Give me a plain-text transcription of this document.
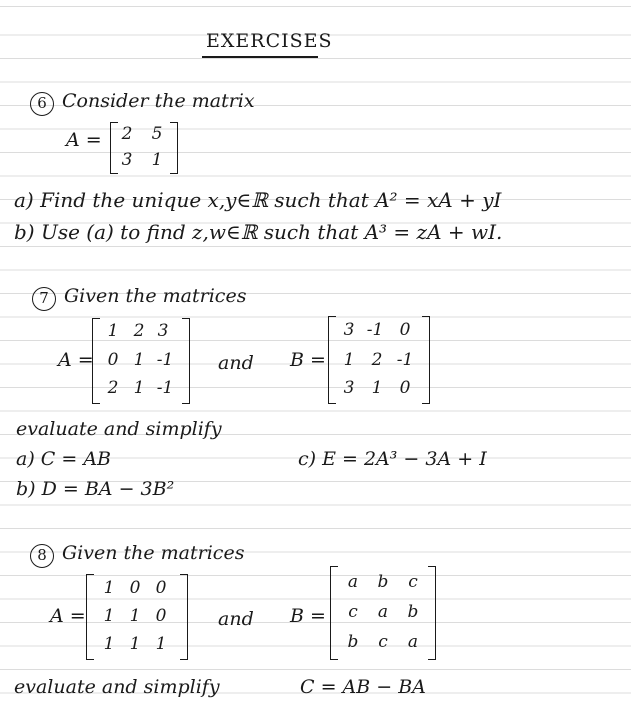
EXERCISES
6 Consider the matrix
A =	2	5
3	1
a) Find the unique x,y∈ℝ such that A² = xA + yI
b) Use (a) to find z,w∈ℝ such that A³ = zA + wI.
7 Given the matrices
A =
1 2 3
0 1 -1
2 1 -1
and B =
3 -1 0
1	2 -1
3	1	0
evaluate and simplify
a) C = AB	c) E = 2A³ − 3A + I
b) D = BA − 3B²
8 Given the matrices
A =
1 0 0
1 1 0
1 1 1
and B =
a	b	c
c	a	b
b	c	a
evaluate and simplify	C = AB − BA
